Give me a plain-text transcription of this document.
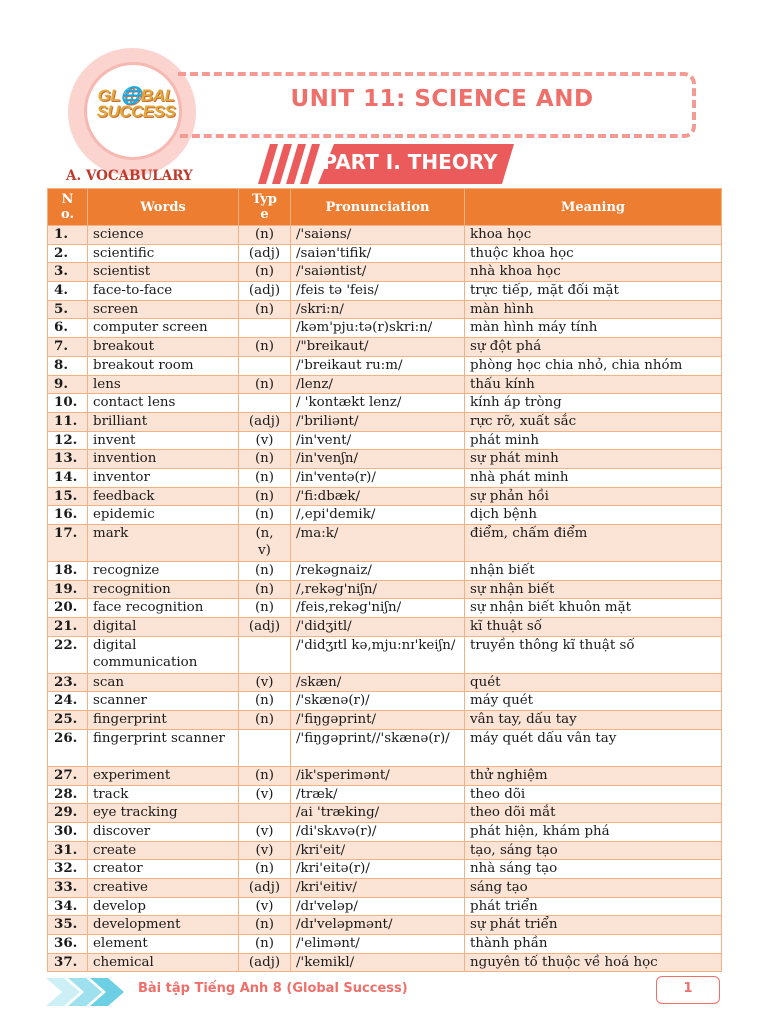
GL🌐BAL
SUCCESS	UNIT 11: SCIENCE AND
PART I. THEORY
A. VOCABULARY
No.	Words	Type	Pronunciation	Meaning
1.	science	(n)	/'saiəns/	khoa học
2.	scientific	(adj)	/saiən'tifik/	thuộc khoa học
3.	scientist	(n)	/'saiəntist/	nhà khoa học
4.	face-to-face	(adj)	/feis tə 'feis/	trực tiếp, mặt đối mặt
5.	screen	(n)	/skri:n/	màn hình
6.	computer screen		/kəm'pju:tə(r)skri:n/	màn hình máy tính
7.	breakout	(n)	/"breikaut/	sự đột phá
8.	breakout room		/'breikaut ru:m/	phòng học chia nhỏ, chia nhóm
9.	lens	(n)	/lenz/	thấu kính
10.	contact lens		/ 'kontækt lenz/	kính áp tròng
11.	brilliant	(adj)	/'briliənt/	rực rỡ, xuất sắc
12.	invent	(v)	/in'vent/	phát minh
13.	invention	(n)	/in'venʃn/	sự phát minh
14.	inventor	(n)	/in'ventə(r)/	nhà phát minh
15.	feedback	(n)	/'fi:dbæk/	sự phản hồi
16.	epidemic	(n)	/,epi'demik/	dịch bệnh
17.	mark	(n, v)	/ma:k/	điểm, chấm điểm
18.	recognize	(n)	/rekəgnaiz/	nhận biết
19.	recognition	(n)	/,rekəg'niʃn/	sự nhận biết
20.	face recognition	(n)	/feis,rekəg'niʃn/	sự nhận biết khuôn mặt
21.	digital	(adj)	/'didʒitl/	kĩ thuật số
22.	digital communication		/'didʒɪtl kə,mju:nɪ'keiʃn/	truyền thông kĩ thuật số
23.	scan	(v)	/skæn/	quét
24.	scanner	(n)	/'skænə(r)/	máy quét
25.	fingerprint	(n)	/'fiŋgəprint/	vân tay, dấu tay
26.	fingerprint scanner		/'fiŋgəprint//'skænə(r)/	máy quét dấu vân tay
27.	experiment	(n)	/ik'sperimənt/	thử nghiệm
28.	track	(v)	/træk/	theo dõi
29.	eye tracking		/ai 'træking/	theo dõi mắt
30.	discover	(v)	/di'skʌvə(r)/	phát hiện, khám phá
31.	create	(v)	/kri'eit/	tạo, sáng tạo
32.	creator	(n)	/kri'eitə(r)/	nhà sáng tạo
33.	creative	(adj)	/kri'eitiv/	sáng tạo
34.	develop	(v)	/dɪ'veləp/	phát triển
35.	development	(n)	/dɪ'veləpmənt/	sự phát triển
36.	element	(n)	/'elimənt/	thành phần
37.	chemical	(adj)	/'kemikl/	nguyên tố thuộc về hoá học
Bài tập Tiếng Anh 8 (Global Success)	1
